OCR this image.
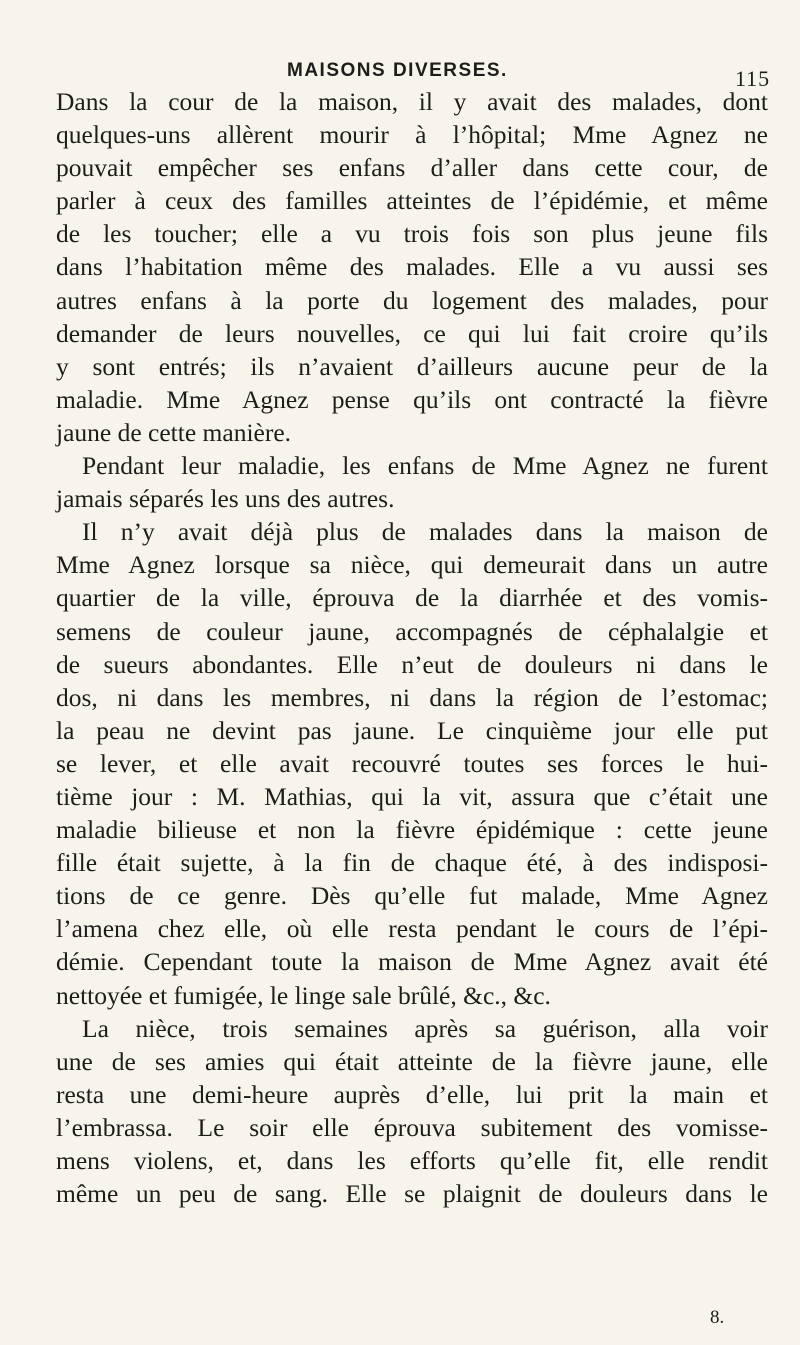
MAISONS DIVERSES.	115
Dans la cour de la maison, il y avait des malades, dont
quelques-uns allèrent mourir à l’hôpital; Mme Agnez ne
pouvait empêcher ses enfans d’aller dans cette cour, de
parler à ceux des familles atteintes de l’épidémie, et même
de les toucher; elle a vu trois fois son plus jeune fils
dans l’habitation même des malades. Elle a vu aussi ses
autres enfans à la porte du logement des malades, pour
demander de leurs nouvelles, ce qui lui fait croire qu’ils
y sont entrés; ils n’avaient d’ailleurs aucune peur de la
maladie. Mme Agnez pense qu’ils ont contracté la fièvre
jaune de cette manière.
Pendant leur maladie, les enfans de Mme Agnez ne furent
jamais séparés les uns des autres.
Il n’y avait déjà plus de malades dans la maison de
Mme Agnez lorsque sa nièce, qui demeurait dans un autre
quartier de la ville, éprouva de la diarrhée et des vomis-
semens de couleur jaune, accompagnés de céphalalgie et
de sueurs abondantes. Elle n’eut de douleurs ni dans le
dos, ni dans les membres, ni dans la région de l’estomac;
la peau ne devint pas jaune. Le cinquième jour elle put
se lever, et elle avait recouvré toutes ses forces le hui-
tième jour : M. Mathias, qui la vit, assura que c’était une
maladie bilieuse et non la fièvre épidémique : cette jeune
fille était sujette, à la fin de chaque été, à des indisposi-
tions de ce genre. Dès qu’elle fut malade, Mme Agnez
l’amena chez elle, où elle resta pendant le cours de l’épi-
démie. Cependant toute la maison de Mme Agnez avait été
nettoyée et fumigée, le linge sale brûlé, &c., &c.
La nièce, trois semaines après sa guérison, alla voir
une de ses amies qui était atteinte de la fièvre jaune, elle
resta une demi-heure auprès d’elle, lui prit la main et
l’embrassa. Le soir elle éprouva subitement des vomisse-
mens violens, et, dans les efforts qu’elle fit, elle rendit
même un peu de sang. Elle se plaignit de douleurs dans le
8.
